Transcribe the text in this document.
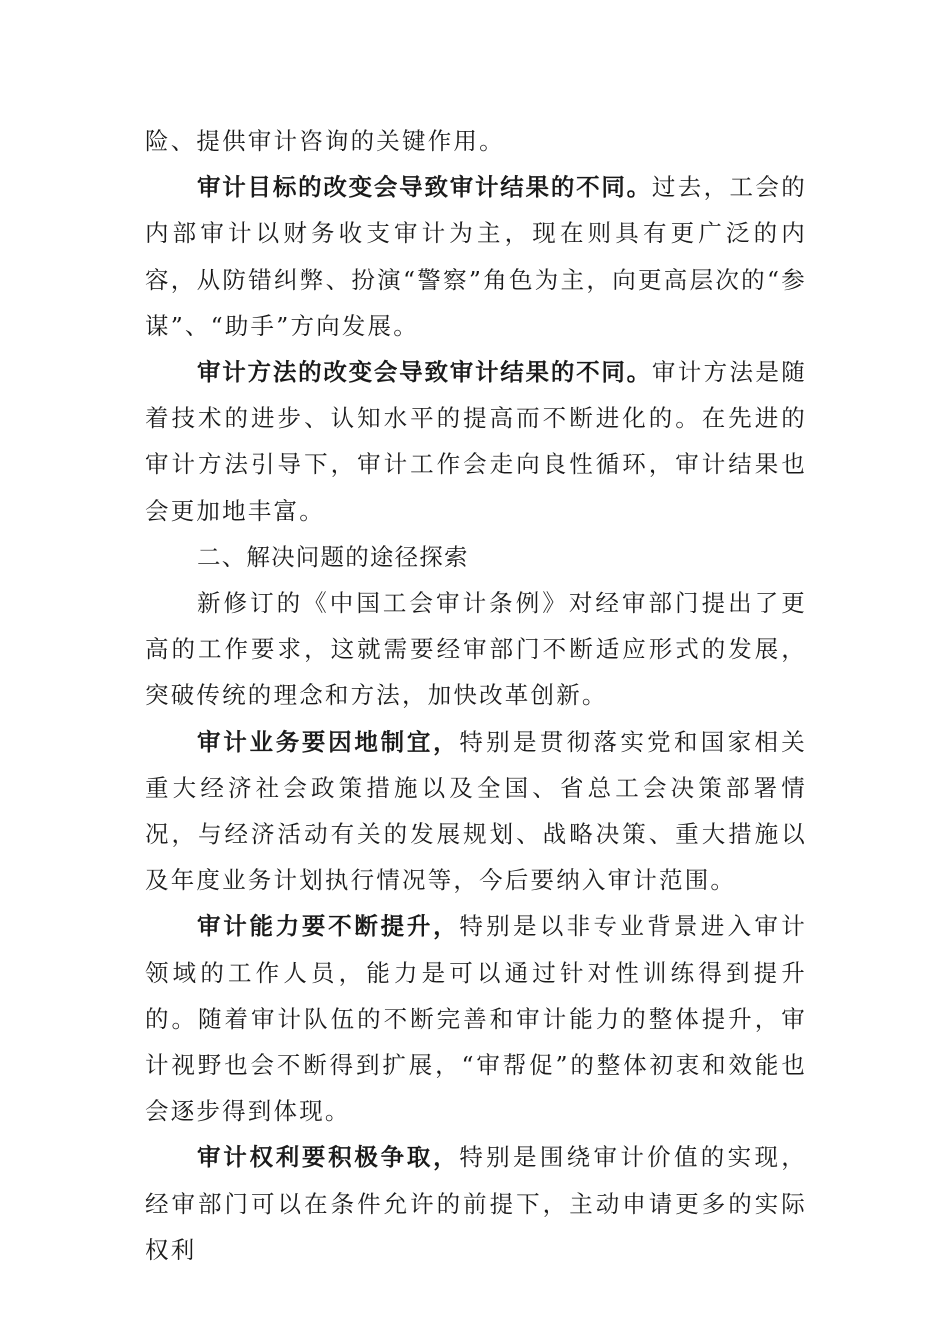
险、提供审计咨询的关键作用。

审计目标的改变会导致审计结果的不同。过去，工会的内部审计以财务收支审计为主，现在则具有更广泛的内容，从防错纠弊、扮演“警察”角色为主，向更高层次的“参谋”、“助手”方向发展。

审计方法的改变会导致审计结果的不同。审计方法是随着技术的进步、认知水平的提高而不断进化的。在先进的审计方法引导下，审计工作会走向良性循环，审计结果也会更加地丰富。

二、解决问题的途径探索

新修订的《中国工会审计条例》对经审部门提出了更高的工作要求，这就需要经审部门不断适应形式的发展，突破传统的理念和方法，加快改革创新。

审计业务要因地制宜，特别是贯彻落实党和国家相关重大经济社会政策措施以及全国、省总工会决策部署情况，与经济活动有关的发展规划、战略决策、重大措施以及年度业务计划执行情况等，今后要纳入审计范围。

审计能力要不断提升，特别是以非专业背景进入审计领域的工作人员，能力是可以通过针对性训练得到提升的。随着审计队伍的不断完善和审计能力的整体提升，审计视野也会不断得到扩展，“审帮促”的整体初衷和效能也会逐步得到体现。

审计权利要积极争取，特别是围绕审计价值的实现，经审部门可以在条件允许的前提下，主动申请更多的实际权利
